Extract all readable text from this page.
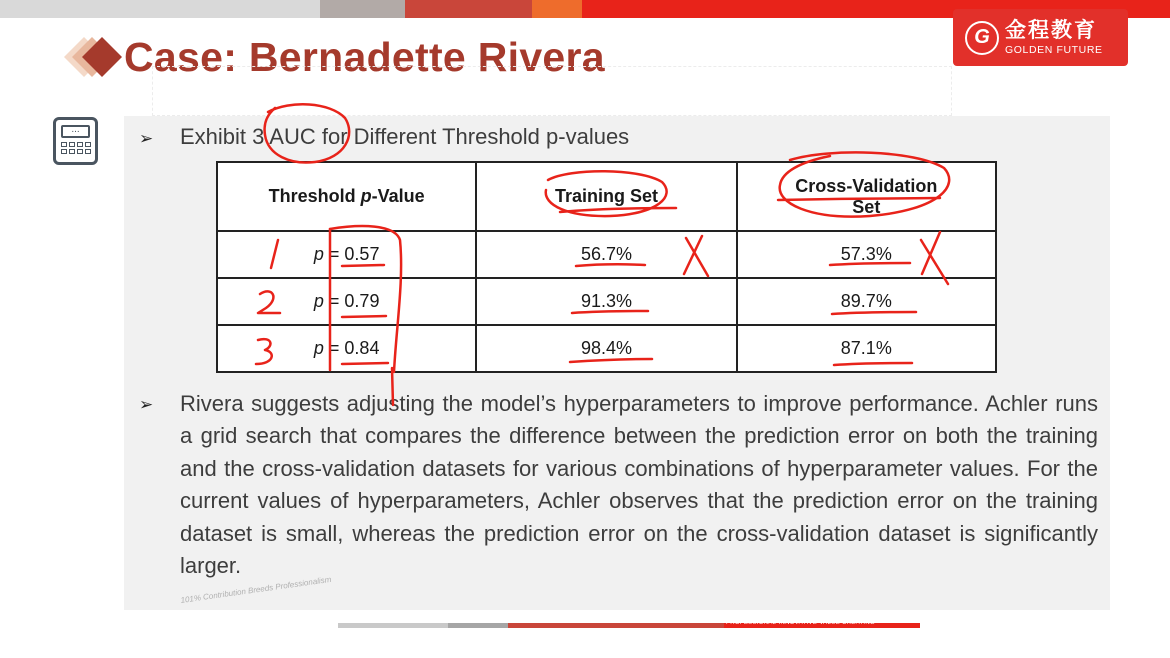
Case: Bernadette Rivera	G 金程教育
GOLDEN FUTURE
...	➢ Exhibit 3 AUC for Different Threshold p-values
Threshold p-Value	Training Set	Cross-Validation
Set
p = 0.57	56.7%	57.3%
p = 0.79	91.3%	89.7%
p = 0.84	98.4%	87.1%
➢ Rivera suggests adjusting the model’s hyperparameters to improve performance. Achler runs a grid search that compares the difference between the prediction error on both the training and the cross-validation datasets for various combinations of hyperparameter values. For the current values of hyperparameters, Achler observes that the prediction error on the training dataset is small, whereas the prediction error on the cross-validation dataset is significantly larger.
101% Contribution Breeds Professionalism
PROFESSIONAL·INNOVATIVE·VALUE CREATING
